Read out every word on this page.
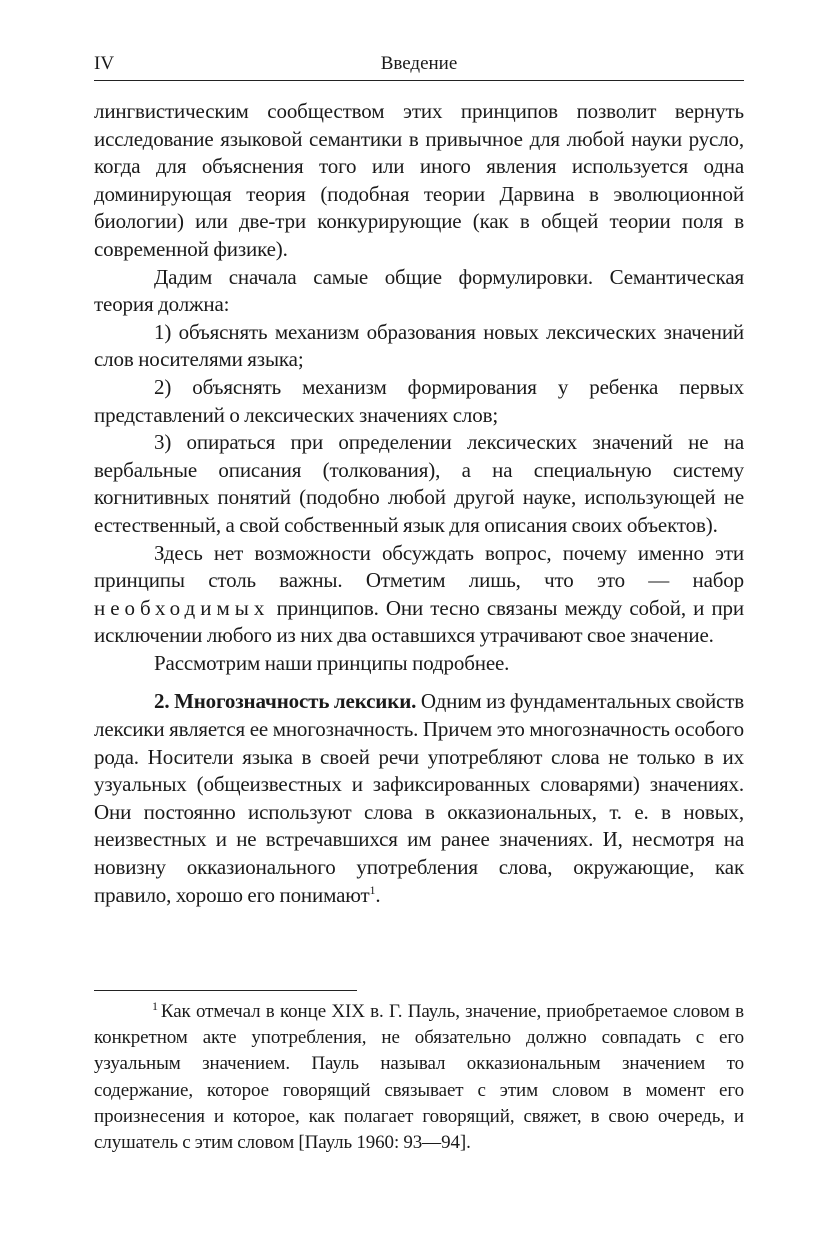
IV	Введение

лингвистическим сообществом этих принципов позволит вернуть исследование языковой семантики в привычное для любой науки русло, когда для объяснения того или иного явления используется одна доминирующая теория (подобная теории Дарвина в эволюционной биологии) или две-три конкурирующие (как в общей теории поля в современной физике).

Дадим сначала самые общие формулировки. Семантическая теория должна:

1) объяснять механизм образования новых лексических значений слов носителями языка;

2) объяснять механизм формирования у ребенка первых представлений о лексических значениях слов;

3) опираться при определении лексических значений не на вербальные описания (толкования), а на специальную систему когнитивных понятий (подобно любой другой науке, использующей не естественный, а свой собственный язык для описания своих объектов).

Здесь нет возможности обсуждать вопрос, почему именно эти принципы столь важны. Отметим лишь, что это — набор необходимых принципов. Они тесно связаны между собой, и при исключении любого из них два оставшихся утрачивают свое значение.

Рассмотрим наши принципы подробнее.

2. Многозначность лексики. Одним из фундаментальных свойств лексики является ее многозначность. Причем это многозначность особого рода. Носители языка в своей речи употребляют слова не только в их узуальных (общеизвестных и зафиксированных словарями) значениях. Они постоянно используют слова в окказиональных, т. е. в новых, неизвестных и не встречавшихся им ранее значениях. И, несмотря на новизну окказионального употребления слова, окружающие, как правило, хорошо его понимают$^1$.

$^1$ Как отмечал в конце XIX в. Г. Пауль, значение, приобретаемое словом в конкретном акте употребления, не обязательно должно совпадать с его узуальным значением. Пауль называл окказиональным значением то содержание, которое говорящий связывает с этим словом в момент его произнесения и которое, как полагает говорящий, свяжет, в свою очередь, и слушатель с этим словом [Пауль 1960: 93—94].
